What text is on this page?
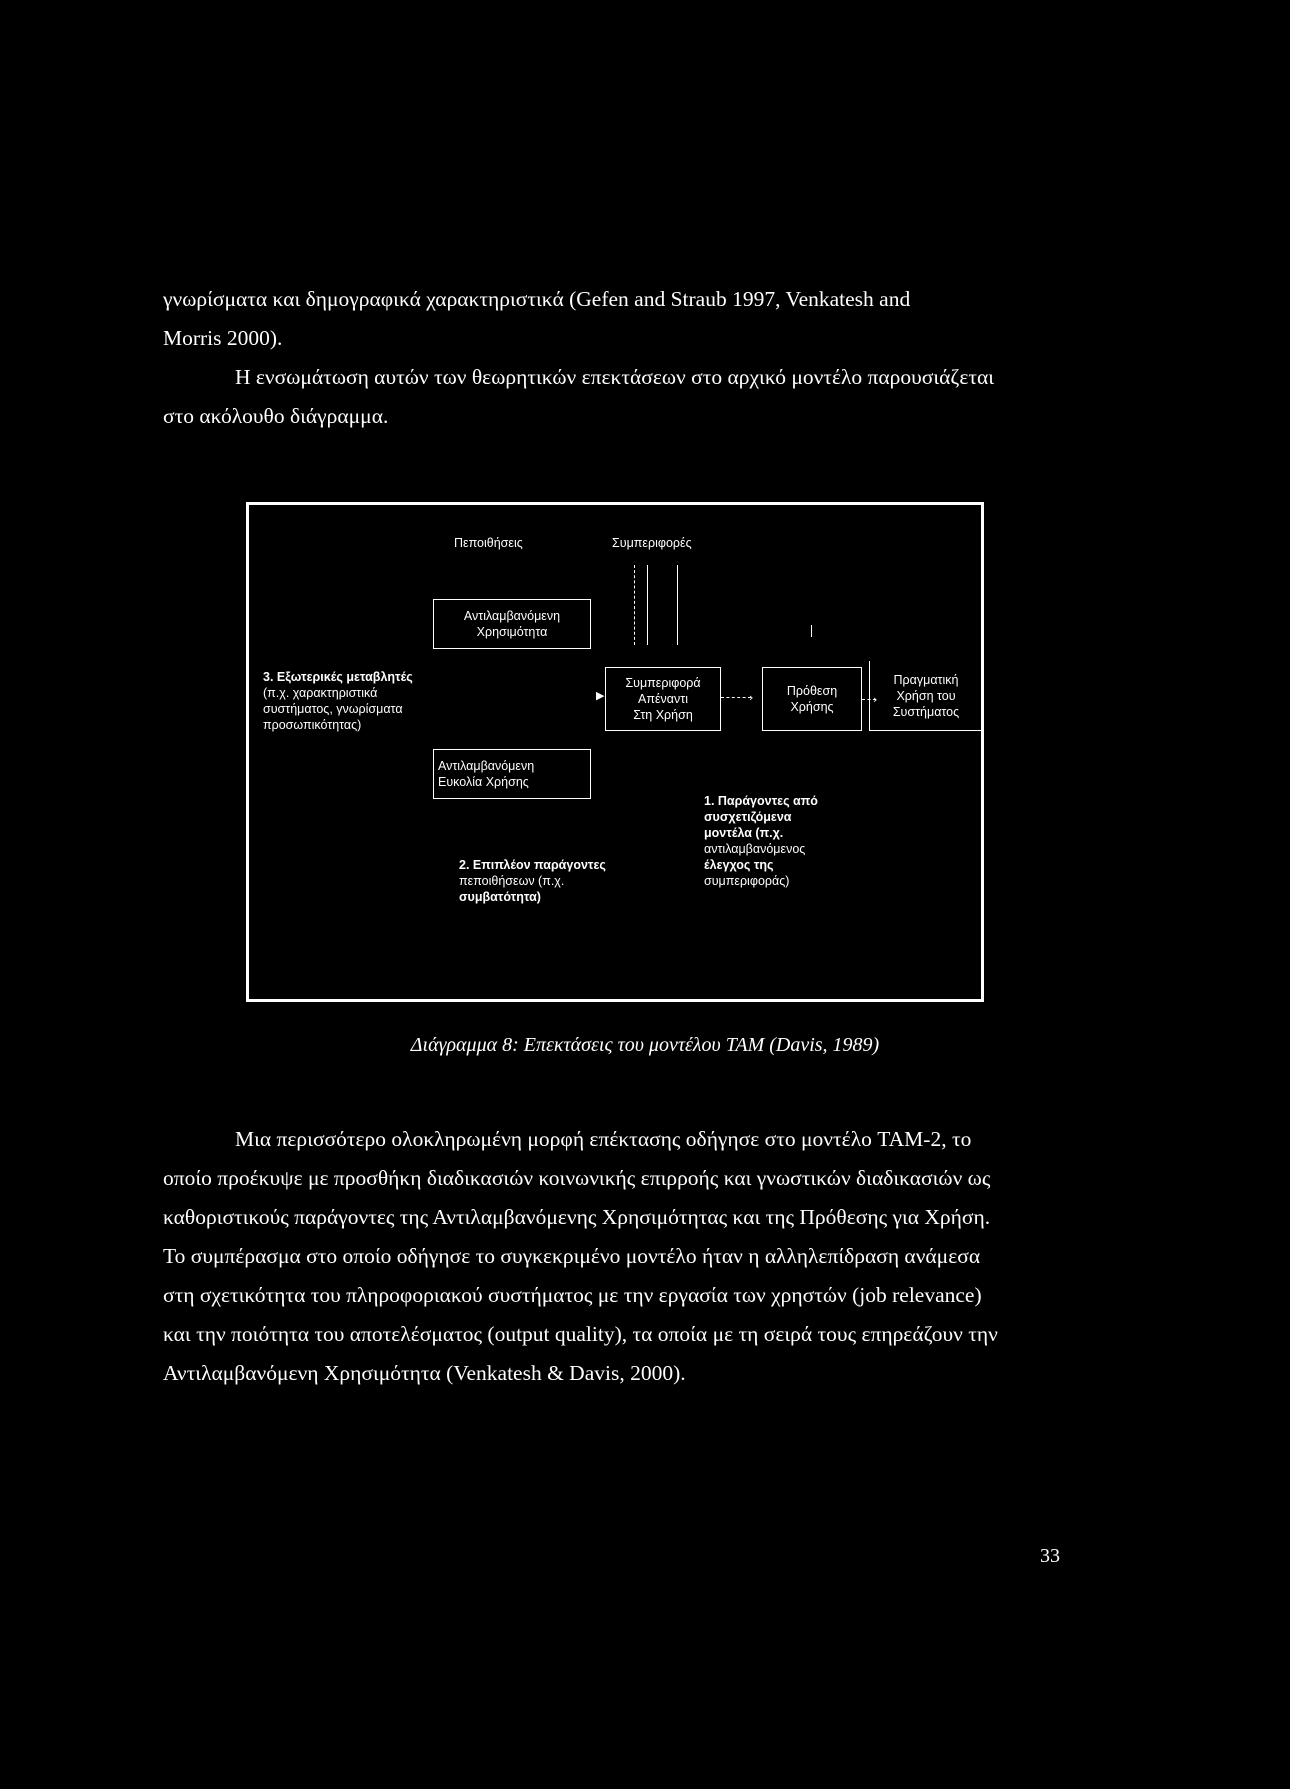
γνωρίσματα και δημογραφικά χαρακτηριστικά (Gefen and Straub 1997, Venkatesh and
Morris 2000).
Η ενσωμάτωση αυτών των θεωρητικών επεκτάσεων στο αρχικό μοντέλο παρουσιάζεται
στο ακόλουθο διάγραμμα.

Πεποιθήσεις	Συμπεριφορές

Αντιλαμβανόμενη
Χρησιμότητα
3. Εξωτερικές μεταβλητές
(π.χ. χαρακτηριστικά
συστήματος, γνωρίσματα
προσωπικότητας)
Συμπεριφορά
Απέναντι
Στη Χρήση
▶	›	Πρόθεση
Χρήσης
›
Πραγματική
Χρήση του
Συστήματος
Αντιλαμβανόμενη
Ευκολία Χρήσης
1. Παράγοντες από
συσχετιζόμενα
μοντέλα (π.χ.
αντιλαμβανόμενος
έλεγχος της
συμπεριφοράς)
2. Επιπλέον παράγοντες
πεποιθήσεων (π.χ.
συμβατότητα)

Διάγραμμα 8: Επεκτάσεις του μοντέλου TAM (Davis, 1989)

Μια περισσότερο ολοκληρωμένη μορφή επέκτασης οδήγησε στο μοντέλο TAM-2, το
οποίο προέκυψε με προσθήκη διαδικασιών κοινωνικής επιρροής και γνωστικών διαδικασιών ως
καθοριστικούς παράγοντες της Αντιλαμβανόμενης Χρησιμότητας και της Πρόθεσης για Χρήση.
Το συμπέρασμα στο οποίο οδήγησε το συγκεκριμένο μοντέλο ήταν η αλληλεπίδραση ανάμεσα
στη σχετικότητα του πληροφοριακού συστήματος με την εργασία των χρηστών (job relevance)
και την ποιότητα του αποτελέσματος (output quality), τα οποία με τη σειρά τους επηρεάζουν την
Αντιλαμβανόμενη Χρησιμότητα (Venkatesh & Davis, 2000).

33
